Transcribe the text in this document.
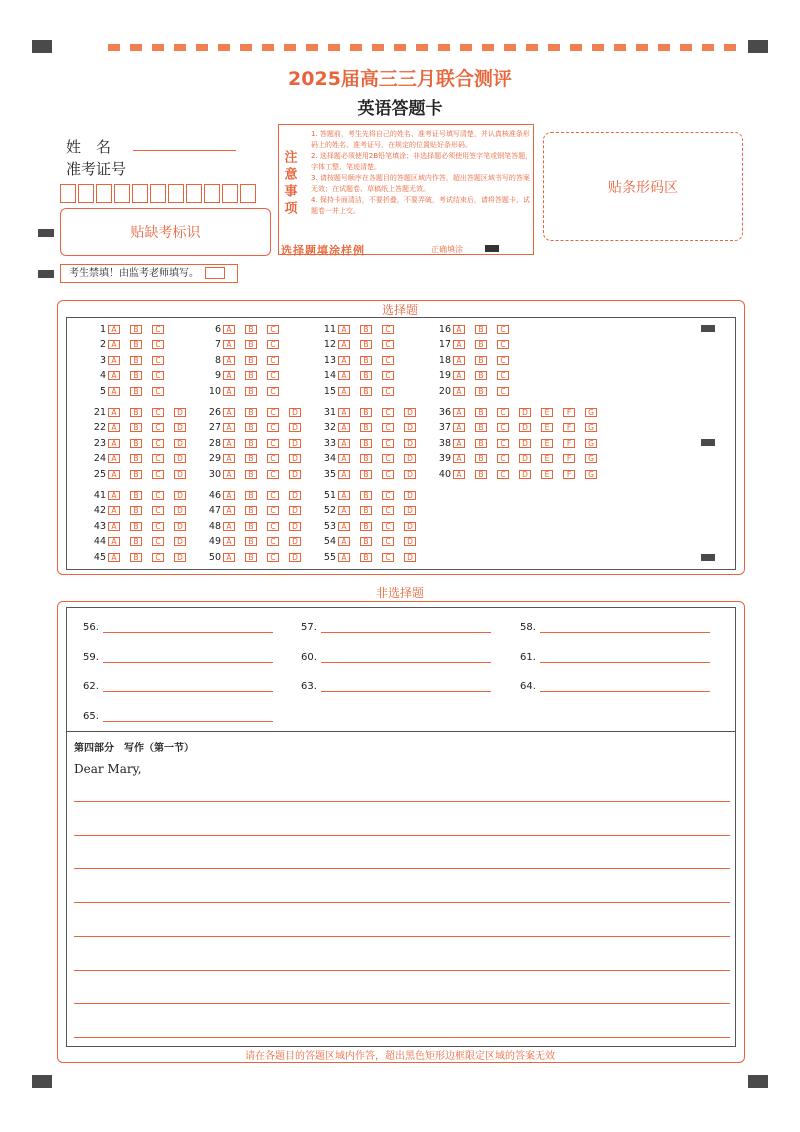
2025届高三三月联合测评
英语答题卡
姓　名
准考证号
贴缺考标识
考生禁填！由监考老师填写。
注意事项
1. 答题前，考生先将自己的姓名、准考证号填写清楚，并认真核准条形码上的姓名、准考证号，在规定的位置贴好条形码。
2. 选择题必须使用2B铅笔填涂；非选择题必须使用签字笔或钢笔答题，字体工整、笔迹清楚。
3. 请按题号顺序在各题目的答题区域内作答，超出答题区域书写的答案无效；在试题卷、草稿纸上答题无效。
4. 保持卡面清洁，不要折叠，不要弄破，考试结束后，请将答题卡、试题卷一并上交。
选择题填涂样例	正确填涂
贴条形码区
选择题
1 A	B	C
2 A	B	C
3 A	B	C
4 A	B	C
5 A	B	C
6 A	B	C
7 A	B	C
8 A	B	C
9 A	B	C
10 A	B	C
11 A	B	C
12 A	B	C
13 A	B	C
14 A	B	C
15 A	B	C
16 A	B	C
17 A	B	C
18 A	B	C
19 A	B	C
20 A	B	C
21 A	B	C	D
22 A	B	C	D
23 A	B	C	D
24 A	B	C	D
25 A	B	C	D
26 A	B	C	D
27 A	B	C	D
28 A	B	C	D
29 A	B	C	D
30 A	B	C	D
31 A	B	C	D
32 A	B	C	D
33 A	B	C	D
34 A	B	C	D
35 A	B	C	D
36 A	B	C	D	E	F	G
37 A	B	C	D	E	F	G
38 A	B	C	D	E	F	G
39 A	B	C	D	E	F	G
40 A	B	C	D	E	F	G
41 A	B	C	D
42 A	B	C	D
43 A	B	C	D
44 A	B	C	D
45 A	B	C	D
46 A	B	C	D
47 A	B	C	D
48 A	B	C	D
49 A	B	C	D
50 A	B	C	D
51 A	B	C	D
52 A	B	C	D
53 A	B	C	D
54 A	B	C	D
55 A	B	C	D
非选择题
56.	57.	58.
59.	60.	61.
62.	63.	64.
65.
第四部分　写作（第一节）
Dear Mary,
请在各题目的答题区域内作答，超出黑色矩形边框限定区域的答案无效
